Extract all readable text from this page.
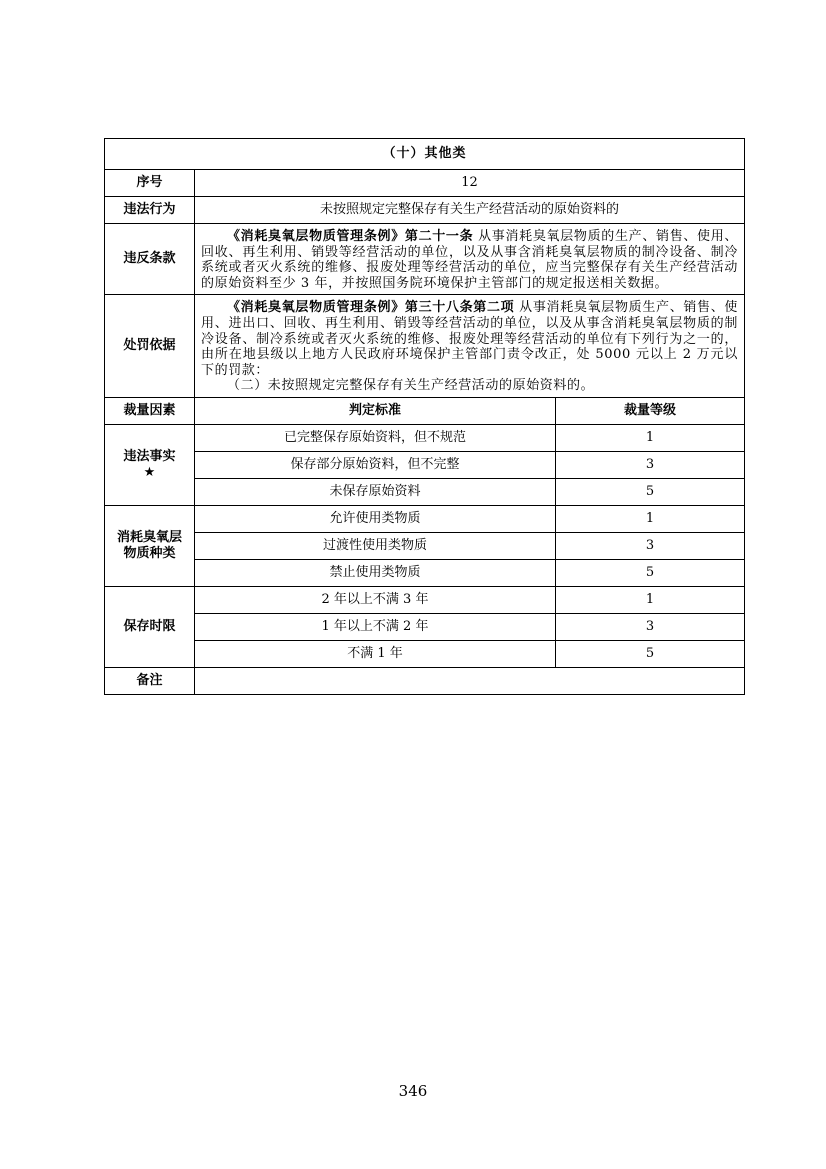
（十）其他类		
序号	12	
违法行为	未按照规定完整保存有关生产经营活动的原始资料的	
违反条款	《消耗臭氧层物质管理条例》第二十一条 从事消耗臭氧层物质的生产、销售、使用、回收、再生利用、销毁等经营活动的单位，以及从事含消耗臭氧层物质的制冷设备、制冷系统或者灭火系统的维修、报废处理等经营活动的单位，应当完整保存有关生产经营活动的原始资料至少 3 年，并按照国务院环境保护主管部门的规定报送相关数据。	

处罚依据	《消耗臭氧层物质管理条例》第三十八条第二项 从事消耗臭氧层物质生产、销售、使用、进出口、回收、再生利用、销毁等经营活动的单位，以及从事含消耗臭氧层物质的制冷设备、制冷系统或者灭火系统的维修、报废处理等经营活动的单位有下列行为之一的，由所在地县级以上地方人民政府环境保护主管部门责令改正，处 5000 元以上 2 万元以下的罚款：

（二）未按照规定完整保存有关生产经营活动的原始资料的。	

裁量因素	判定标准	裁量等级

违法事实
★	已完整保存原始资料，但不规范	1
	保存部分原始资料，但不完整	3
	未保存原始资料	5

消耗臭氧层物质种类	允许使用类物质	1
	过渡性使用类物质	3
	禁止使用类物质	5
保存时限	2 年以上不满 3 年	1
	1 年以上不满 2 年	3
	不满 1 年	5
备注		
346
